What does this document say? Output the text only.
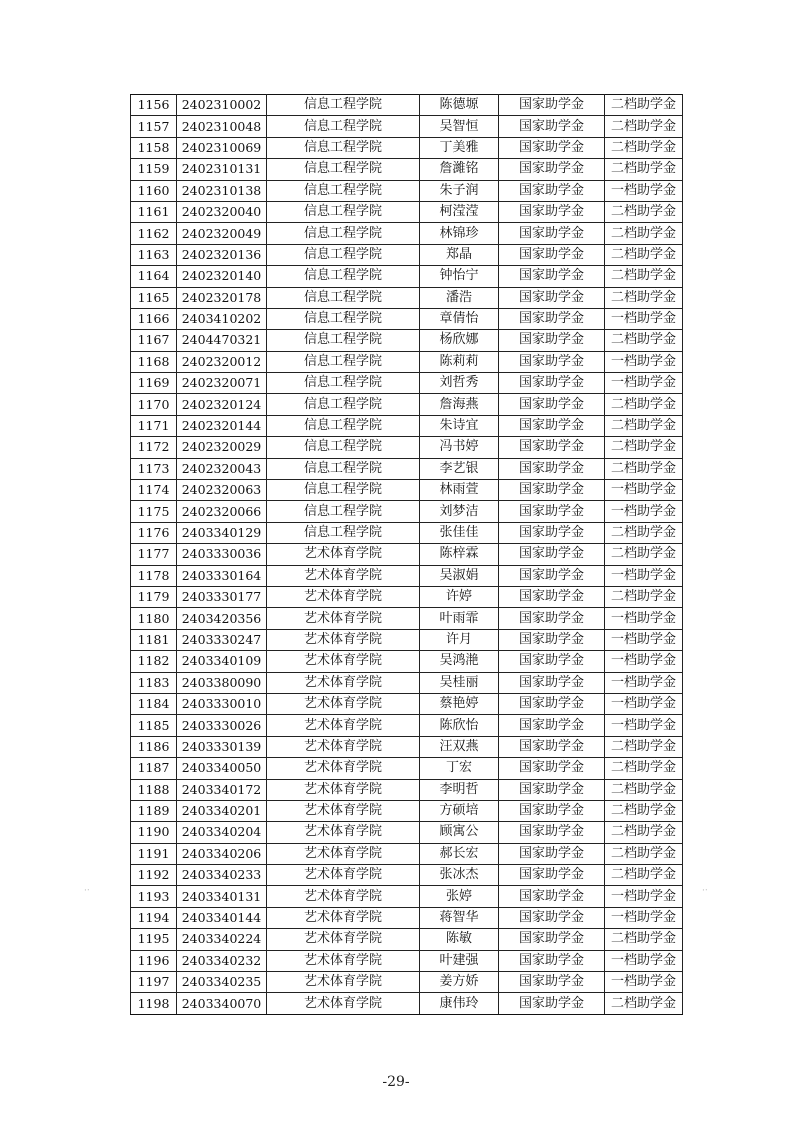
1156	2402310002	信息工程学院	陈德塬	国家助学金	二档助学金
1157	2402310048	信息工程学院	吴智恒	国家助学金	二档助学金
1158	2402310069	信息工程学院	丁美雅	国家助学金	二档助学金
1159	2402310131	信息工程学院	詹濰铭	国家助学金	二档助学金
1160	2402310138	信息工程学院	朱子润	国家助学金	一档助学金
1161	2402320040	信息工程学院	柯滢滢	国家助学金	二档助学金
1162	2402320049	信息工程学院	林锦珍	国家助学金	二档助学金
1163	2402320136	信息工程学院	郑晶	国家助学金	二档助学金
1164	2402320140	信息工程学院	钟怡宁	国家助学金	二档助学金
1165	2402320178	信息工程学院	潘浩	国家助学金	二档助学金
1166	2403410202	信息工程学院	章倩怡	国家助学金	一档助学金
1167	2404470321	信息工程学院	杨欣娜	国家助学金	二档助学金
1168	2402320012	信息工程学院	陈莉莉	国家助学金	一档助学金
1169	2402320071	信息工程学院	刘哲秀	国家助学金	一档助学金
1170	2402320124	信息工程学院	詹海燕	国家助学金	二档助学金
1171	2402320144	信息工程学院	朱诗宜	国家助学金	二档助学金
1172	2402320029	信息工程学院	冯书婷	国家助学金	二档助学金
1173	2402320043	信息工程学院	李艺银	国家助学金	二档助学金
1174	2402320063	信息工程学院	林雨萱	国家助学金	一档助学金
1175	2402320066	信息工程学院	刘梦洁	国家助学金	一档助学金
1176	2403340129	信息工程学院	张佳佳	国家助学金	二档助学金
1177	2403330036	艺术体育学院	陈梓霖	国家助学金	二档助学金
1178	2403330164	艺术体育学院	吴淑娟	国家助学金	一档助学金
1179	2403330177	艺术体育学院	许婷	国家助学金	二档助学金
1180	2403420356	艺术体育学院	叶雨霏	国家助学金	一档助学金
1181	2403330247	艺术体育学院	许月	国家助学金	一档助学金
1182	2403340109	艺术体育学院	吴鸿滟	国家助学金	一档助学金
1183	2403380090	艺术体育学院	吴桂丽	国家助学金	一档助学金
1184	2403330010	艺术体育学院	蔡艳婷	国家助学金	一档助学金
1185	2403330026	艺术体育学院	陈欣怡	国家助学金	一档助学金
1186	2403330139	艺术体育学院	汪双燕	国家助学金	二档助学金
1187	2403340050	艺术体育学院	丁宏	国家助学金	二档助学金
1188	2403340172	艺术体育学院	李明哲	国家助学金	二档助学金
1189	2403340201	艺术体育学院	方硕培	国家助学金	二档助学金
1190	2403340204	艺术体育学院	顾寓公	国家助学金	二档助学金
1191	2403340206	艺术体育学院	郝长宏	国家助学金	二档助学金
1192	2403340233	艺术体育学院	张冰杰	国家助学金	二档助学金
1193	2403340131	艺术体育学院	张婷	国家助学金	一档助学金
1194	2403340144	艺术体育学院	蒋智华	国家助学金	一档助学金
1195	2403340224	艺术体育学院	陈敏	国家助学金	二档助学金
1196	2403340232	艺术体育学院	叶建强	国家助学金	一档助学金
1197	2403340235	艺术体育学院	姜方娇	国家助学金	一档助学金
1198	2403340070	艺术体育学院	康伟玲	国家助学金	二档助学金
-29-
·‧	·‧
